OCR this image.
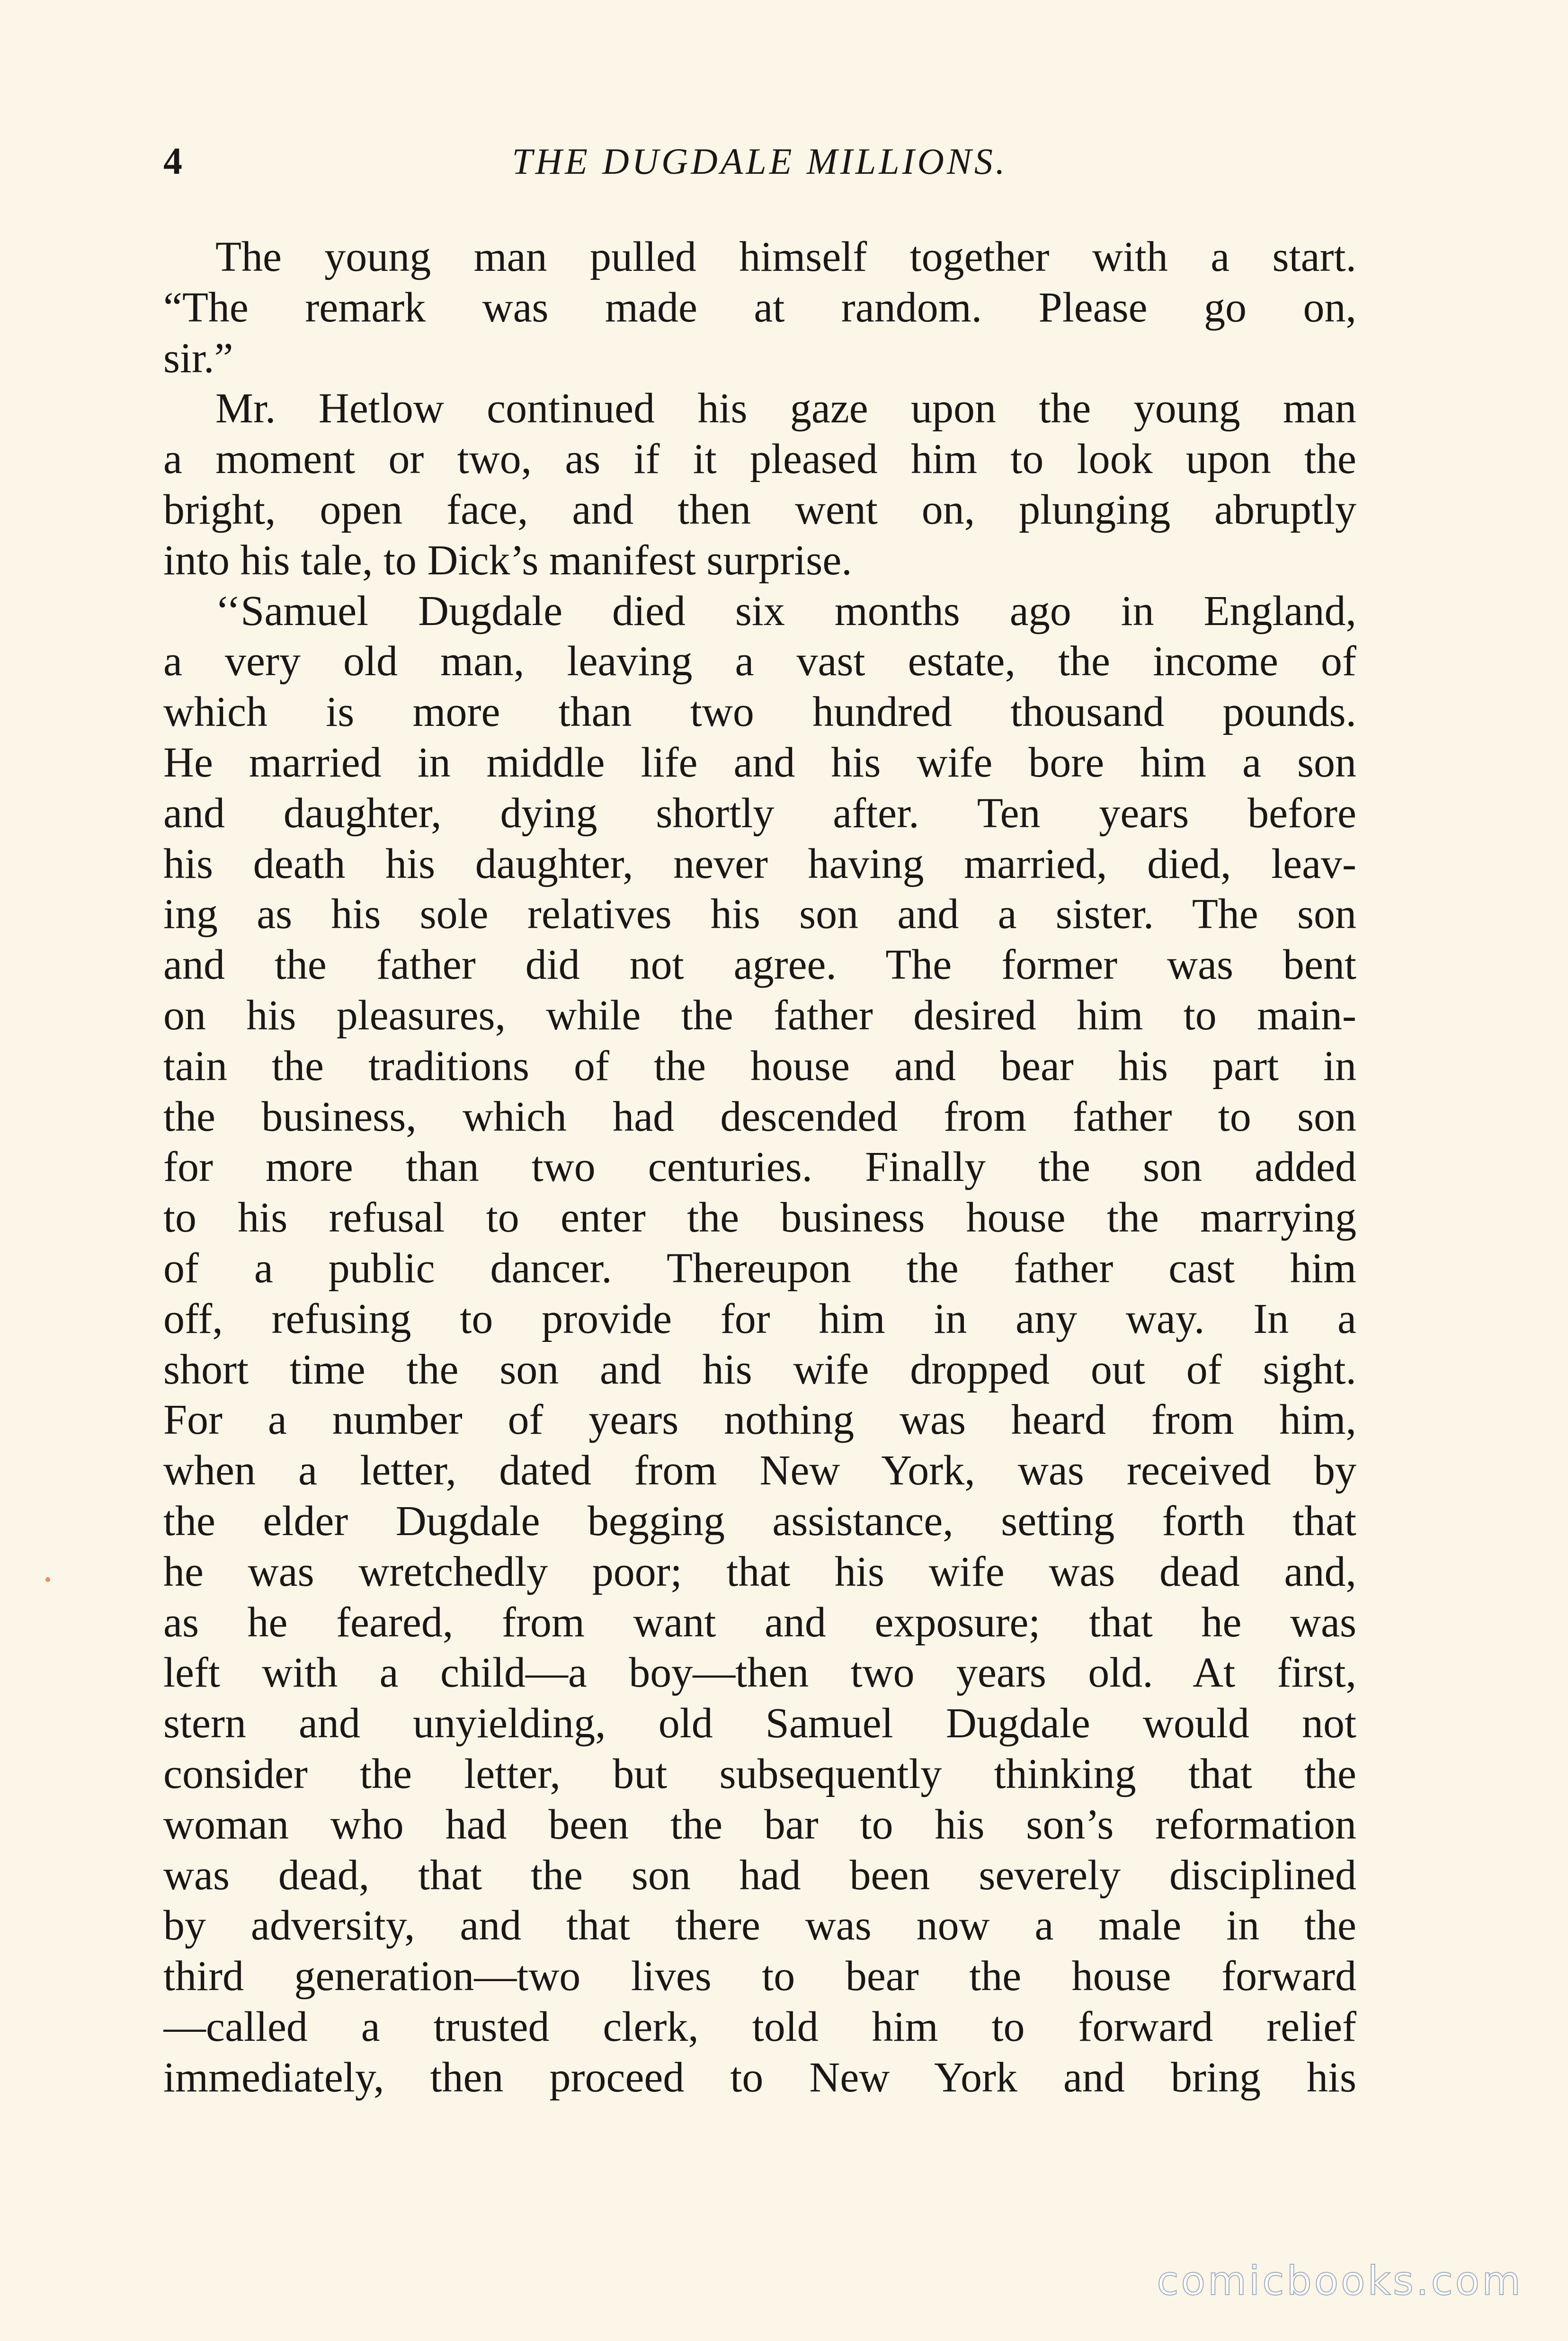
4	THE DUGDALE MILLIONS.
The young man pulled himself together with a start.
“The remark was made at random. Please go on,
sir.”
Mr. Hetlow continued his gaze upon the young man
a moment or two, as if it pleased him to look upon the
bright, open face, and then went on, plunging abruptly
into his tale, to Dick’s manifest surprise.
‘‘Samuel Dugdale died six months ago in England,
a very old man, leaving a vast estate, the income of
which is more than two hundred thousand pounds.
He married in middle life and his wife bore him a son
and daughter, dying shortly after. Ten years before
his death his daughter, never having married, died, leav-
ing as his sole relatives his son and a sister. The son
and the father did not agree. The former was bent
on his pleasures, while the father desired him to main-
tain the traditions of the house and bear his part in
the business, which had descended from father to son
for more than two centuries. Finally the son added
to his refusal to enter the business house the marrying
of a public dancer. Thereupon the father cast him
off, refusing to provide for him in any way. In a
short time the son and his wife dropped out of sight.
For a number of years nothing was heard from him,
when a letter, dated from New York, was received by
the elder Dugdale begging assistance, setting forth that
he was wretchedly poor; that his wife was dead and,
as he feared, from want and exposure; that he was
left with a child—a boy—then two years old. At first,
stern and unyielding, old Samuel Dugdale would not
consider the letter, but subsequently thinking that the
woman who had been the bar to his son’s reformation
was dead, that the son had been severely disciplined
by adversity, and that there was now a male in the
third generation—two lives to bear the house forward
—called a trusted clerk, told him to forward relief
immediately, then proceed to New York and bring his
comicbooks.com
